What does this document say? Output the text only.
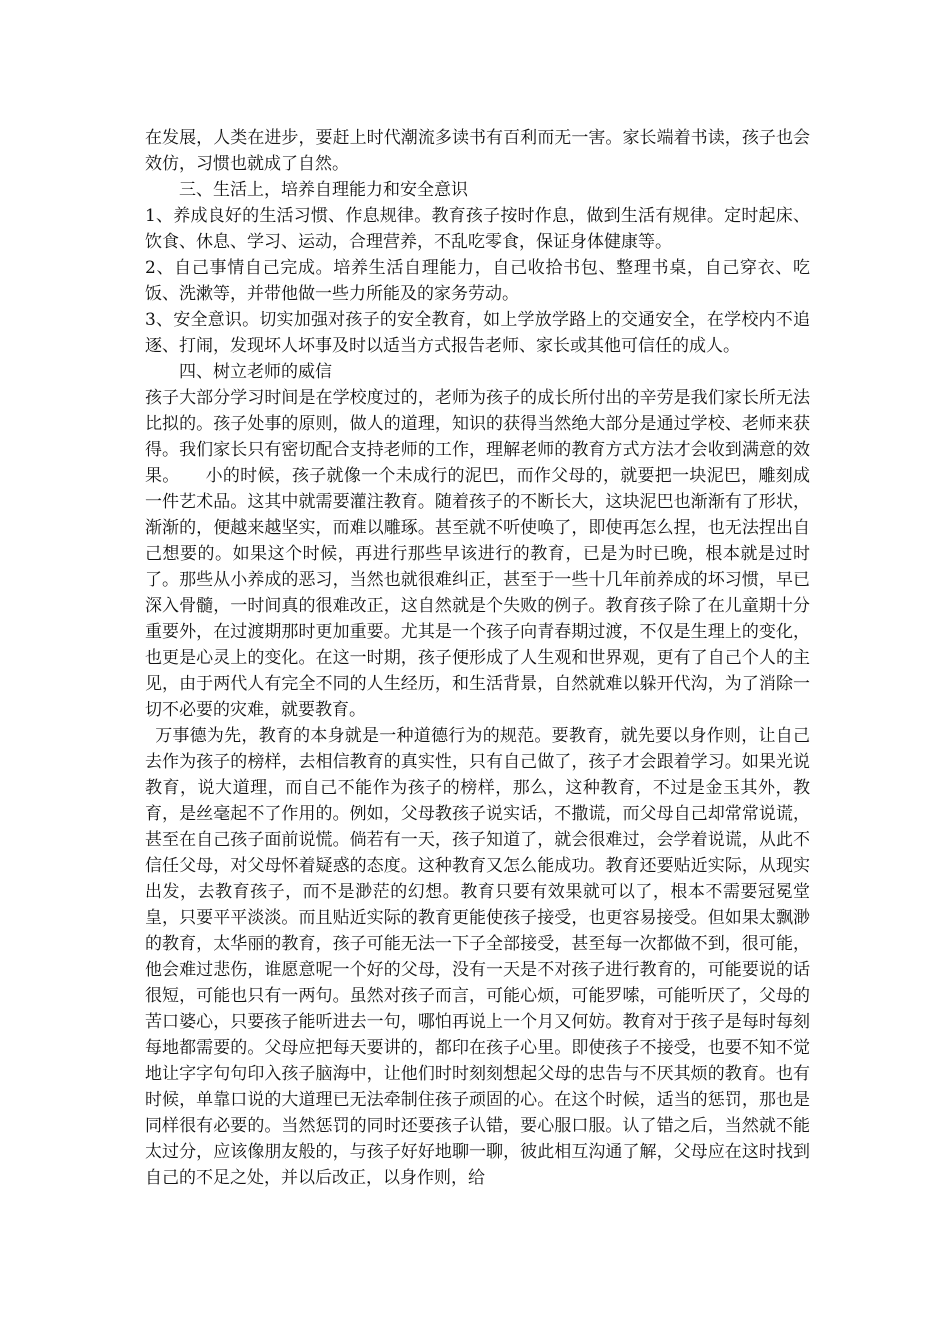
在发展，人类在进步，要赶上时代潮流多读书有百利而无一害。家长端着书读，孩子也会效仿，习惯也就成了自然。

三、生活上，培养自理能力和安全意识

1、养成良好的生活习惯、作息规律。教育孩子按时作息，做到生活有规律。定时起床、饮食、休息、学习、运动，合理营养，不乱吃零食，保证身体健康等。

2、自己事情自己完成。培养生活自理能力，自己收拾书包、整理书桌，自己穿衣、吃饭、洗漱等，并带他做一些力所能及的家务劳动。

3、安全意识。切实加强对孩子的安全教育，如上学放学路上的交通安全，在学校内不追逐、打闹，发现坏人坏事及时以适当方式报告老师、家长或其他可信任的成人。

四、树立老师的威信

孩子大部分学习时间是在学校度过的，老师为孩子的成长所付出的辛劳是我们家长所无法比拟的。孩子处事的原则，做人的道理，知识的获得当然绝大部分是通过学校、老师来获得。我们家长只有密切配合支持老师的工作，理解老师的教育方式方法才会收到满意的效果。　　小的时候，孩子就像一个未成行的泥巴，而作父母的，就要把一块泥巴，雕刻成一件艺术品。这其中就需要灌注教育。随着孩子的不断长大，这块泥巴也渐渐有了形状，渐渐的，便越来越坚实，而难以雕琢。甚至就不听使唤了，即使再怎么捏，也无法捏出自己想要的。如果这个时候，再进行那些早该进行的教育，已是为时已晚，根本就是过时了。那些从小养成的恶习，当然也就很难纠正，甚至于一些十几年前养成的坏习惯，早已深入骨髓，一时间真的很难改正，这自然就是个失败的例子。教育孩子除了在儿童期十分重要外，在过渡期那时更加重要。尤其是一个孩子向青春期过渡，不仅是生理上的变化，也更是心灵上的变化。在这一时期，孩子便形成了人生观和世界观，更有了自己个人的主见，由于两代人有完全不同的人生经历，和生活背景，自然就难以躲开代沟，为了消除一切不必要的灾难，就要教育。

万事德为先，教育的本身就是一种道德行为的规范。要教育，就先要以身作则，让自己去作为孩子的榜样，去相信教育的真实性，只有自己做了，孩子才会跟着学习。如果光说教育，说大道理，而自己不能作为孩子的榜样，那么，这种教育，不过是金玉其外，教育，是丝毫起不了作用的。例如，父母教孩子说实话，不撒谎，而父母自己却常常说谎，甚至在自己孩子面前说慌。倘若有一天，孩子知道了，就会很难过，会学着说谎，从此不信任父母，对父母怀着疑惑的态度。这种教育又怎么能成功。教育还要贴近实际，从现实出发，去教育孩子，而不是渺茫的幻想。教育只要有效果就可以了，根本不需要冠冕堂皇，只要平平淡淡。而且贴近实际的教育更能使孩子接受，也更容易接受。但如果太飘渺的教育，太华丽的教育，孩子可能无法一下子全部接受，甚至每一次都做不到，很可能，他会难过悲伤，谁愿意呢一个好的父母，没有一天是不对孩子进行教育的，可能要说的话很短，可能也只有一两句。虽然对孩子而言，可能心烦，可能罗嗦，可能听厌了，父母的苦口婆心，只要孩子能听进去一句，哪怕再说上一个月又何妨。教育对于孩子是每时每刻每地都需要的。父母应把每天要讲的，都印在孩子心里。即使孩子不接受，也要不知不觉地让字字句句印入孩子脑海中，让他们时时刻刻想起父母的忠告与不厌其烦的教育。也有时候，单靠口说的大道理已无法牵制住孩子顽固的心。在这个时候，适当的惩罚，那也是同样很有必要的。当然惩罚的同时还要孩子认错，要心服口服。认了错之后，当然就不能太过分，应该像朋友般的，与孩子好好地聊一聊，彼此相互沟通了解，父母应在这时找到自己的不足之处，并以后改正，以身作则，给
